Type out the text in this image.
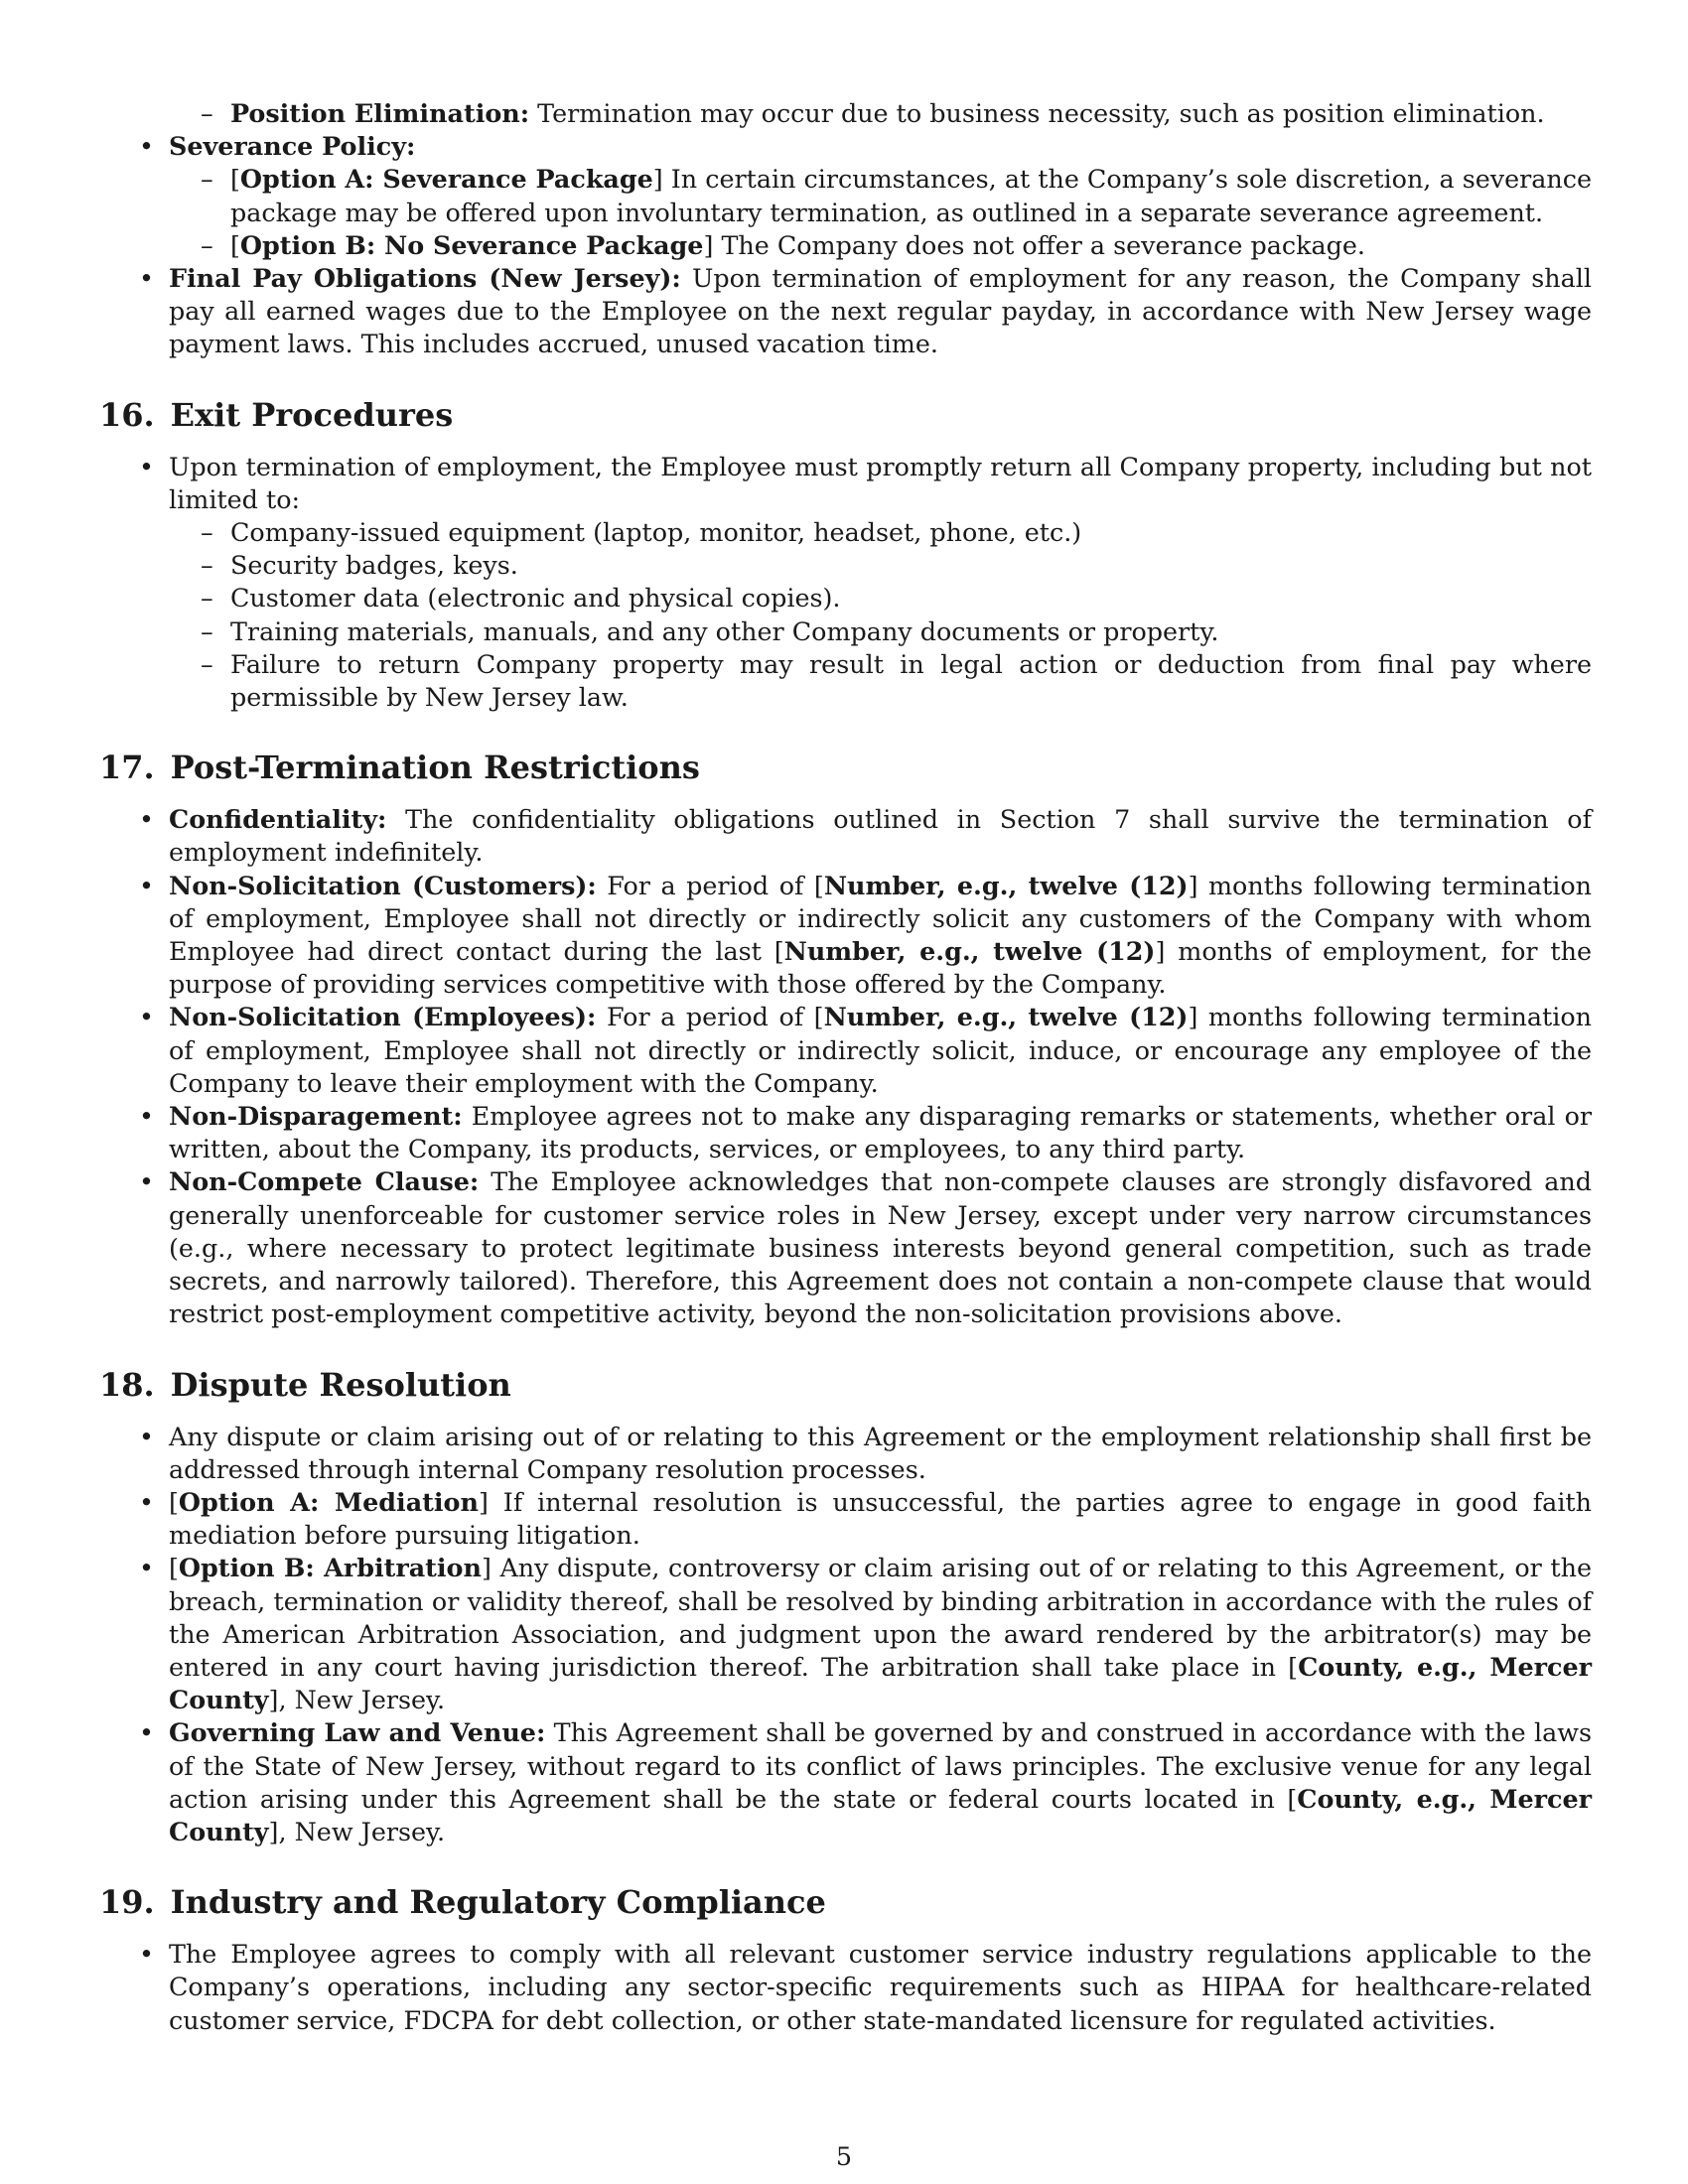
– Position Elimination: Termination may occur due to business necessity, such as position elimination.
• Severance Policy:
– [Option A: Severance Package] In certain circumstances, at the Company’s sole discretion, a severance package may be offered upon involuntary termination, as outlined in a separate severance agreement.
– [Option B: No Severance Package] The Company does not offer a severance package.
• Final Pay Obligations (New Jersey): Upon termination of employment for any reason, the Company shall pay all earned wages due to the Employee on the next regular payday, in accordance with New Jersey wage payment laws. This includes accrued, unused vacation time.
16. Exit Procedures
• Upon termination of employment, the Employee must promptly return all Company property, including but not limited to:
– Company-issued equipment (laptop, monitor, headset, phone, etc.)
– Security badges, keys.
– Customer data (electronic and physical copies).
– Training materials, manuals, and any other Company documents or property.
– Failure to return Company property may result in legal action or deduction from final pay where permissible by New Jersey law.
17. Post-Termination Restrictions
• Confidentiality: The confidentiality obligations outlined in Section 7 shall survive the termination of employment indefinitely.
• Non-Solicitation (Customers): For a period of [Number, e.g., twelve (12)] months following termination of employment, Employee shall not directly or indirectly solicit any customers of the Company with whom Employee had direct contact during the last [Number, e.g., twelve (12)] months of employment, for the purpose of providing services competitive with those offered by the Company.
• Non-Solicitation (Employees): For a period of [Number, e.g., twelve (12)] months following termination of employment, Employee shall not directly or indirectly solicit, induce, or encourage any employee of the Company to leave their employment with the Company.
• Non-Disparagement: Employee agrees not to make any disparaging remarks or statements, whether oral or written, about the Company, its products, services, or employees, to any third party.
• Non-Compete Clause: The Employee acknowledges that non-compete clauses are strongly disfavored and generally unenforceable for customer service roles in New Jersey, except under very narrow circumstances (e.g., where necessary to protect legitimate business interests beyond general competition, such as trade secrets, and narrowly tailored). Therefore, this Agreement does not contain a non-compete clause that would restrict post-employment competitive activity, beyond the non-solicitation provisions above.
18. Dispute Resolution
• Any dispute or claim arising out of or relating to this Agreement or the employment relationship shall first be addressed through internal Company resolution processes.
• [Option A: Mediation] If internal resolution is unsuccessful, the parties agree to engage in good faith mediation before pursuing litigation.
• [Option B: Arbitration] Any dispute, controversy or claim arising out of or relating to this Agreement, or the breach, termination or validity thereof, shall be resolved by binding arbitration in accordance with the rules of the American Arbitration Association, and judgment upon the award rendered by the arbitrator(s) may be entered in any court having jurisdiction thereof. The arbitration shall take place in [County, e.g., Mercer County], New Jersey.
• Governing Law and Venue: This Agreement shall be governed by and construed in accordance with the laws of the State of New Jersey, without regard to its conflict of laws principles. The exclusive venue for any legal action arising under this Agreement shall be the state or federal courts located in [County, e.g., Mercer County], New Jersey.
19. Industry and Regulatory Compliance
• The Employee agrees to comply with all relevant customer service industry regulations applicable to the Company’s operations, including any sector-specific requirements such as HIPAA for healthcare-related customer service, FDCPA for debt collection, or other state-mandated licensure for regulated activities.
5
